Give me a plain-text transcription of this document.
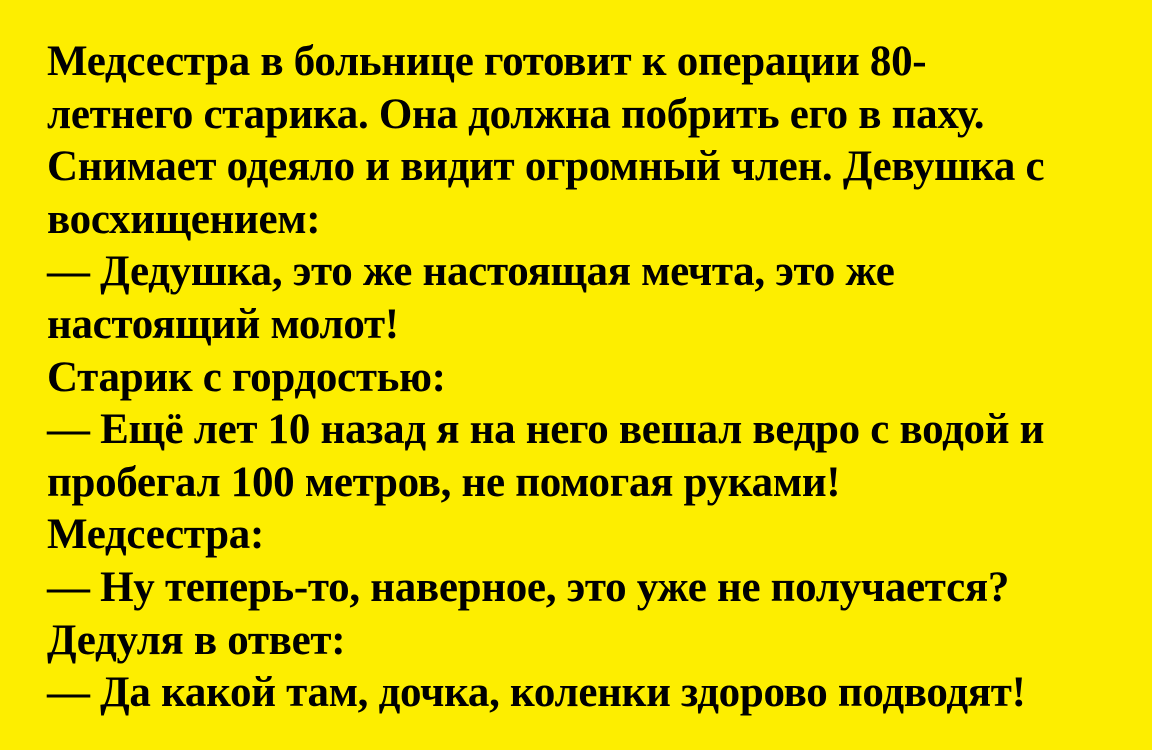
Медсестра в больнице готовит к операции 80-
летнего старика. Она должна побрить его в паху.
Снимает одеяло и видит огромный член. Девушка с
восхищением:
— Дедушка, это же настоящая мечта, это же
настоящий молот!
Старик с гордостью:
— Ещё лет 10 назад я на него вешал ведро с водой и
пробегал 100 метров, не помогая руками!
Медсестра:
— Ну теперь-то, наверное, это уже не получается?
Дедуля в ответ:
— Да какой там, дочка, коленки здорово подводят!
